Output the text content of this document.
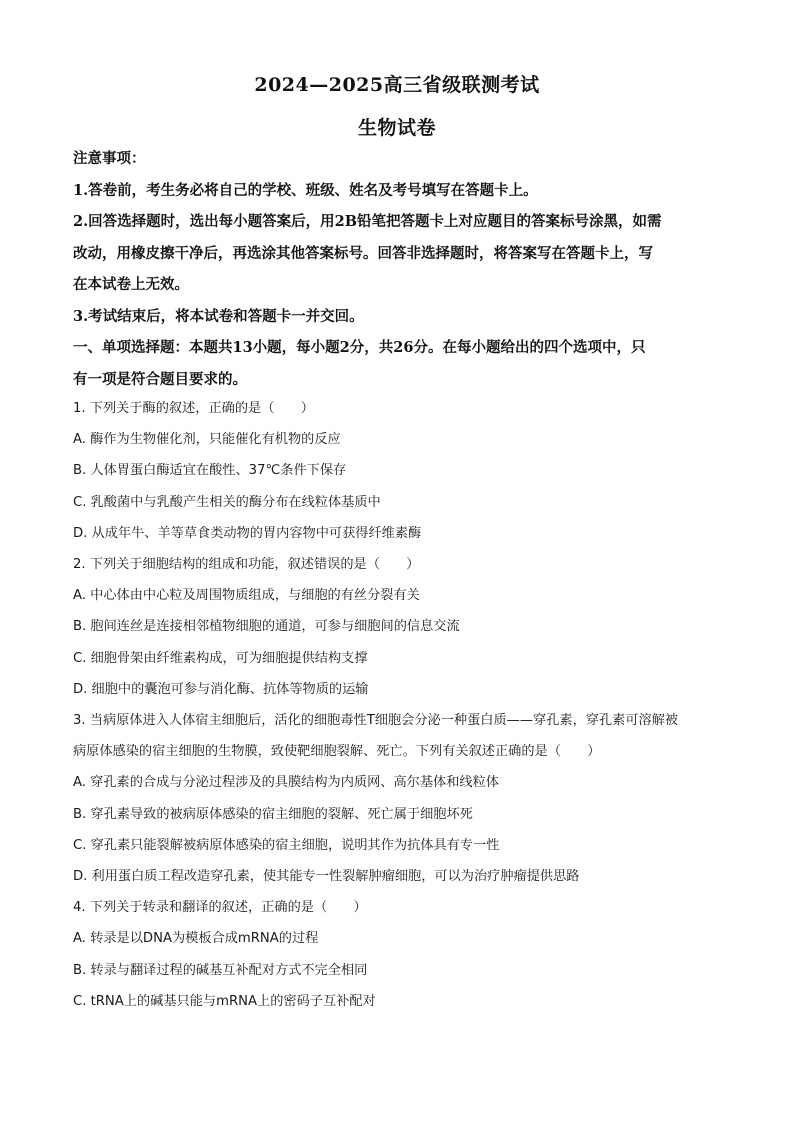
2024—2025高三省级联测考试
生物试卷

注意事项：

1.答卷前，考生务必将自己的学校、班级、姓名及考号填写在答题卡上。

2.回答选择题时，选出每小题答案后，用2B铅笔把答题卡上对应题目的答案标号涂黑，如需

改动，用橡皮擦干净后，再选涂其他答案标号。回答非选择题时，将答案写在答题卡上，写

在本试卷上无效。

3.考试结束后，将本试卷和答题卡一并交回。

一、单项选择题：本题共13小题，每小题2分，共26分。在每小题给出的四个选项中，只

有一项是符合题目要求的。

1. 下列关于酶的叙述，正确的是（　　）

A. 酶作为生物催化剂，只能催化有机物的反应

B. 人体胃蛋白酶适宜在酸性、37℃条件下保存

C. 乳酸菌中与乳酸产生相关的酶分布在线粒体基质中

D. 从成年牛、羊等草食类动物的胃内容物中可获得纤维素酶

2. 下列关于细胞结构的组成和功能，叙述错误的是（　　）

A. 中心体由中心粒及周围物质组成，与细胞的有丝分裂有关

B. 胞间连丝是连接相邻植物细胞的通道，可参与细胞间的信息交流

C. 细胞骨架由纤维素构成，可为细胞提供结构支撑

D. 细胞中的囊泡可参与消化酶、抗体等物质的运输

3. 当病原体进入人体宿主细胞后，活化的细胞毒性T细胞会分泌一种蛋白质——穿孔素，穿孔素可溶解被

病原体感染的宿主细胞的生物膜，致使靶细胞裂解、死亡。下列有关叙述正确的是（　　）

A. 穿孔素的合成与分泌过程涉及的具膜结构为内质网、高尔基体和线粒体

B. 穿孔素导致的被病原体感染的宿主细胞的裂解、死亡属于细胞坏死

C. 穿孔素只能裂解被病原体感染的宿主细胞，说明其作为抗体具有专一性

D. 利用蛋白质工程改造穿孔素，使其能专一性裂解肿瘤细胞，可以为治疗肿瘤提供思路

4. 下列关于转录和翻译的叙述，正确的是（　　）

A. 转录是以DNA为模板合成mRNA的过程

B. 转录与翻译过程的碱基互补配对方式不完全相同

C. tRNA上的碱基只能与mRNA上的密码子互补配对
